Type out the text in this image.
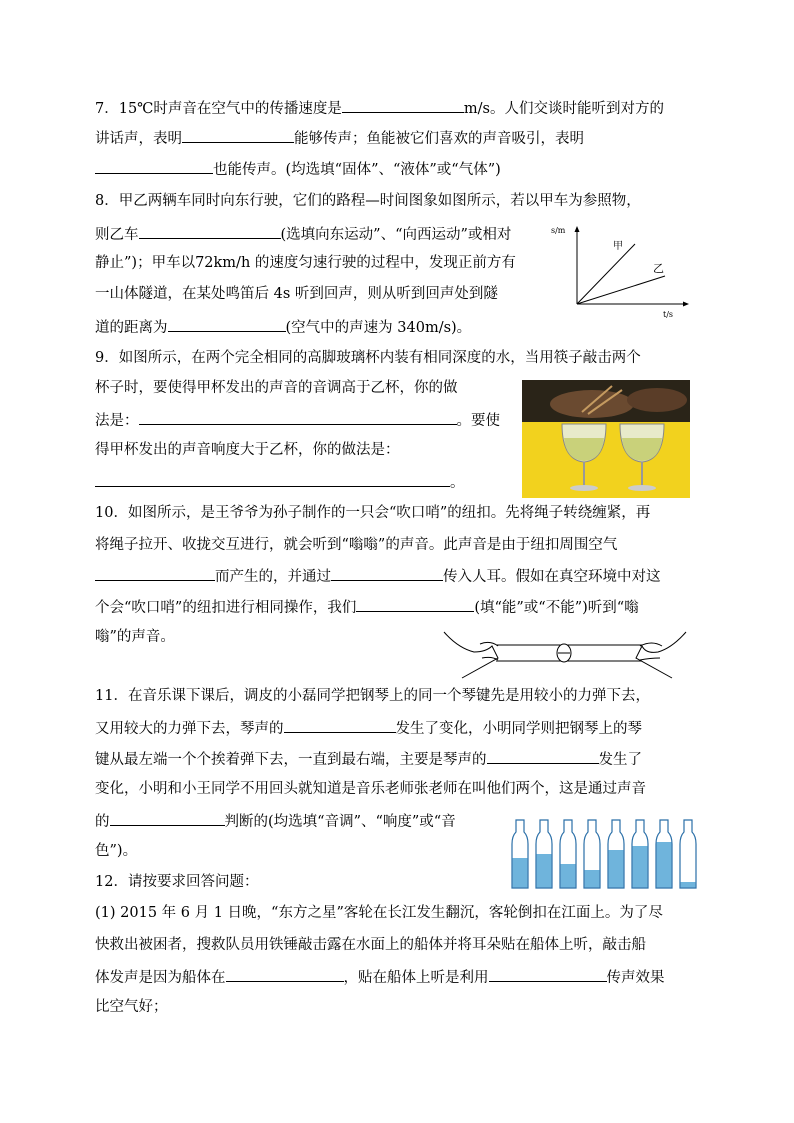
7．15℃时声音在空气中的传播速度是	m/s。人们交谈时能听到对方的
讲话声，表明	能够传声；鱼能被它们喜欢的声音吸引，表明
也能传声。(均选填“固体”、“液体”或“气体”)
8．甲乙两辆车同时向东行驶，它们的路程—时间图象如图所示，若以甲车为参照物，
则乙车	(选填向东运动”、“向西运动”或相对
静止”)；甲车以72km/h 的速度匀速行驶的过程中，发现正前方有
一山体隧道，在某处鸣笛后 4s 听到回声，则从听到回声处到隧
道的距离为	(空气中的声速为 340m/s)。
s/m
t/s
甲
乙
9．如图所示，在两个完全相同的高脚玻璃杯内装有相同深度的水，当用筷子敲击两个
杯子时，要使得甲杯发出的声音的音调高于乙杯，你的做
法是：	。要使
得甲杯发出的声音响度大于乙杯，你的做法是：
。
10．如图所示，是王爷爷为孙子制作的一只会“吹口哨”的纽扣。先将绳子转绕缠紧，再
将绳子拉开、收拢交互进行，就会听到“嗡嗡”的声音。此声音是由于纽扣周围空气
而产生的，并通过	传入人耳。假如在真空环境中对这
个会“吹口哨”的纽扣进行相同操作，我们	(填“能”或“不能”)听到“嗡
嗡”的声音。
11．在音乐课下课后，调皮的小磊同学把钢琴上的同一个琴键先是用较小的力弹下去，
又用较大的力弹下去，琴声的	发生了变化，小明同学则把钢琴上的琴
键从最左端一个个挨着弹下去，一直到最右端，主要是琴声的	发生了
变化，小明和小王同学不用回头就知道是音乐老师张老师在叫他们两个，这是通过声音
的	判断的(均选填“音调”、“响度”或“音
色”)。
12．请按要求回答问题：
(1) 2015 年 6 月 1 日晚，“东方之星”客轮在长江发生翻沉，客轮倒扣在江面上。为了尽
快救出被困者，搜救队员用铁锤敲击露在水面上的船体并将耳朵贴在船体上听，敲击船
体发声是因为船体在	，贴在船体上听是利用	传声效果
比空气好；
